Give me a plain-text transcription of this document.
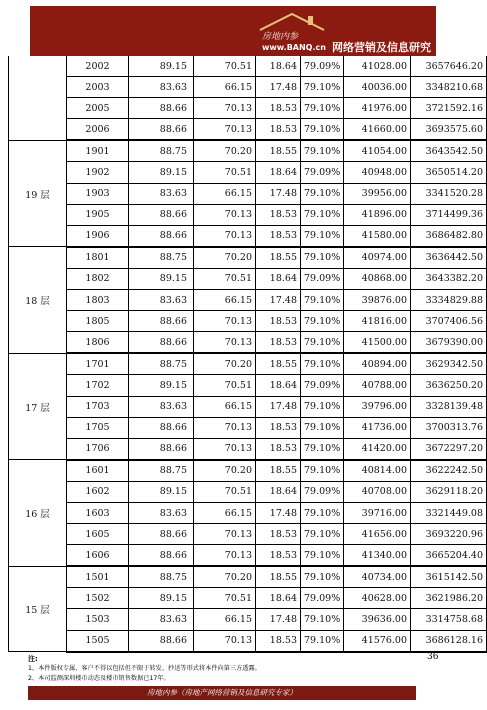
房地内参
www.BANQ.cn 网络营销及信息研究专家
	2002	89.15	70.51	18.64	79.09%	41028.00	3657646.20
	2003	83.63	66.15	17.48	79.10%	40036.00	3348210.68
	2005	88.66	70.13	18.53	79.10%	41976.00	3721592.16
	2006	88.66	70.13	18.53	79.10%	41660.00	3693575.60
19 层	1901	88.75	70.20	18.55	79.10%	41054.00	3643542.50
	1902	89.15	70.51	18.64	79.09%	40948.00	3650514.20
	1903	83.63	66.15	17.48	79.10%	39956.00	3341520.28
	1905	88.66	70.13	18.53	79.10%	41896.00	3714499.36
	1906	88.66	70.13	18.53	79.10%	41580.00	3686482.80
18 层	1801	88.75	70.20	18.55	79.10%	40974.00	3636442.50
	1802	89.15	70.51	18.64	79.09%	40868.00	3643382.20
	1803	83.63	66.15	17.48	79.10%	39876.00	3334829.88
	1805	88.66	70.13	18.53	79.10%	41816.00	3707406.56
	1806	88.66	70.13	18.53	79.10%	41500.00	3679390.00
17 层	1701	88.75	70.20	18.55	79.10%	40894.00	3629342.50
	1702	89.15	70.51	18.64	79.09%	40788.00	3636250.20
	1703	83.63	66.15	17.48	79.10%	39796.00	3328139.48
	1705	88.66	70.13	18.53	79.10%	41736.00	3700313.76
	1706	88.66	70.13	18.53	79.10%	41420.00	3672297.20
16 层	1601	88.75	70.20	18.55	79.10%	40814.00	3622242.50
	1602	89.15	70.51	18.64	79.09%	40708.00	3629118.20
	1603	83.63	66.15	17.48	79.10%	39716.00	3321449.08
	1605	88.66	70.13	18.53	79.10%	41656.00	3693220.96
	1606	88.66	70.13	18.53	79.10%	41340.00	3665204.40
15 层	1501	88.75	70.20	18.55	79.10%	40734.00	3615142.50
	1502	89.15	70.51	18.64	79.09%	40628.00	3621986.20
	1503	83.63	66.15	17.48	79.10%	39636.00	3314758.68
	1505	88.66	70.13	18.53	79.10%	41576.00	3686128.16
注:
1、本件版权专属，客户不得以包括但不限于转发、抄送等形式将本件向第三方透露。
2、本司监测深圳楼市动态及楼市销售数据已17年。
36
房地内参（房地产网络营销及信息研究专家）
